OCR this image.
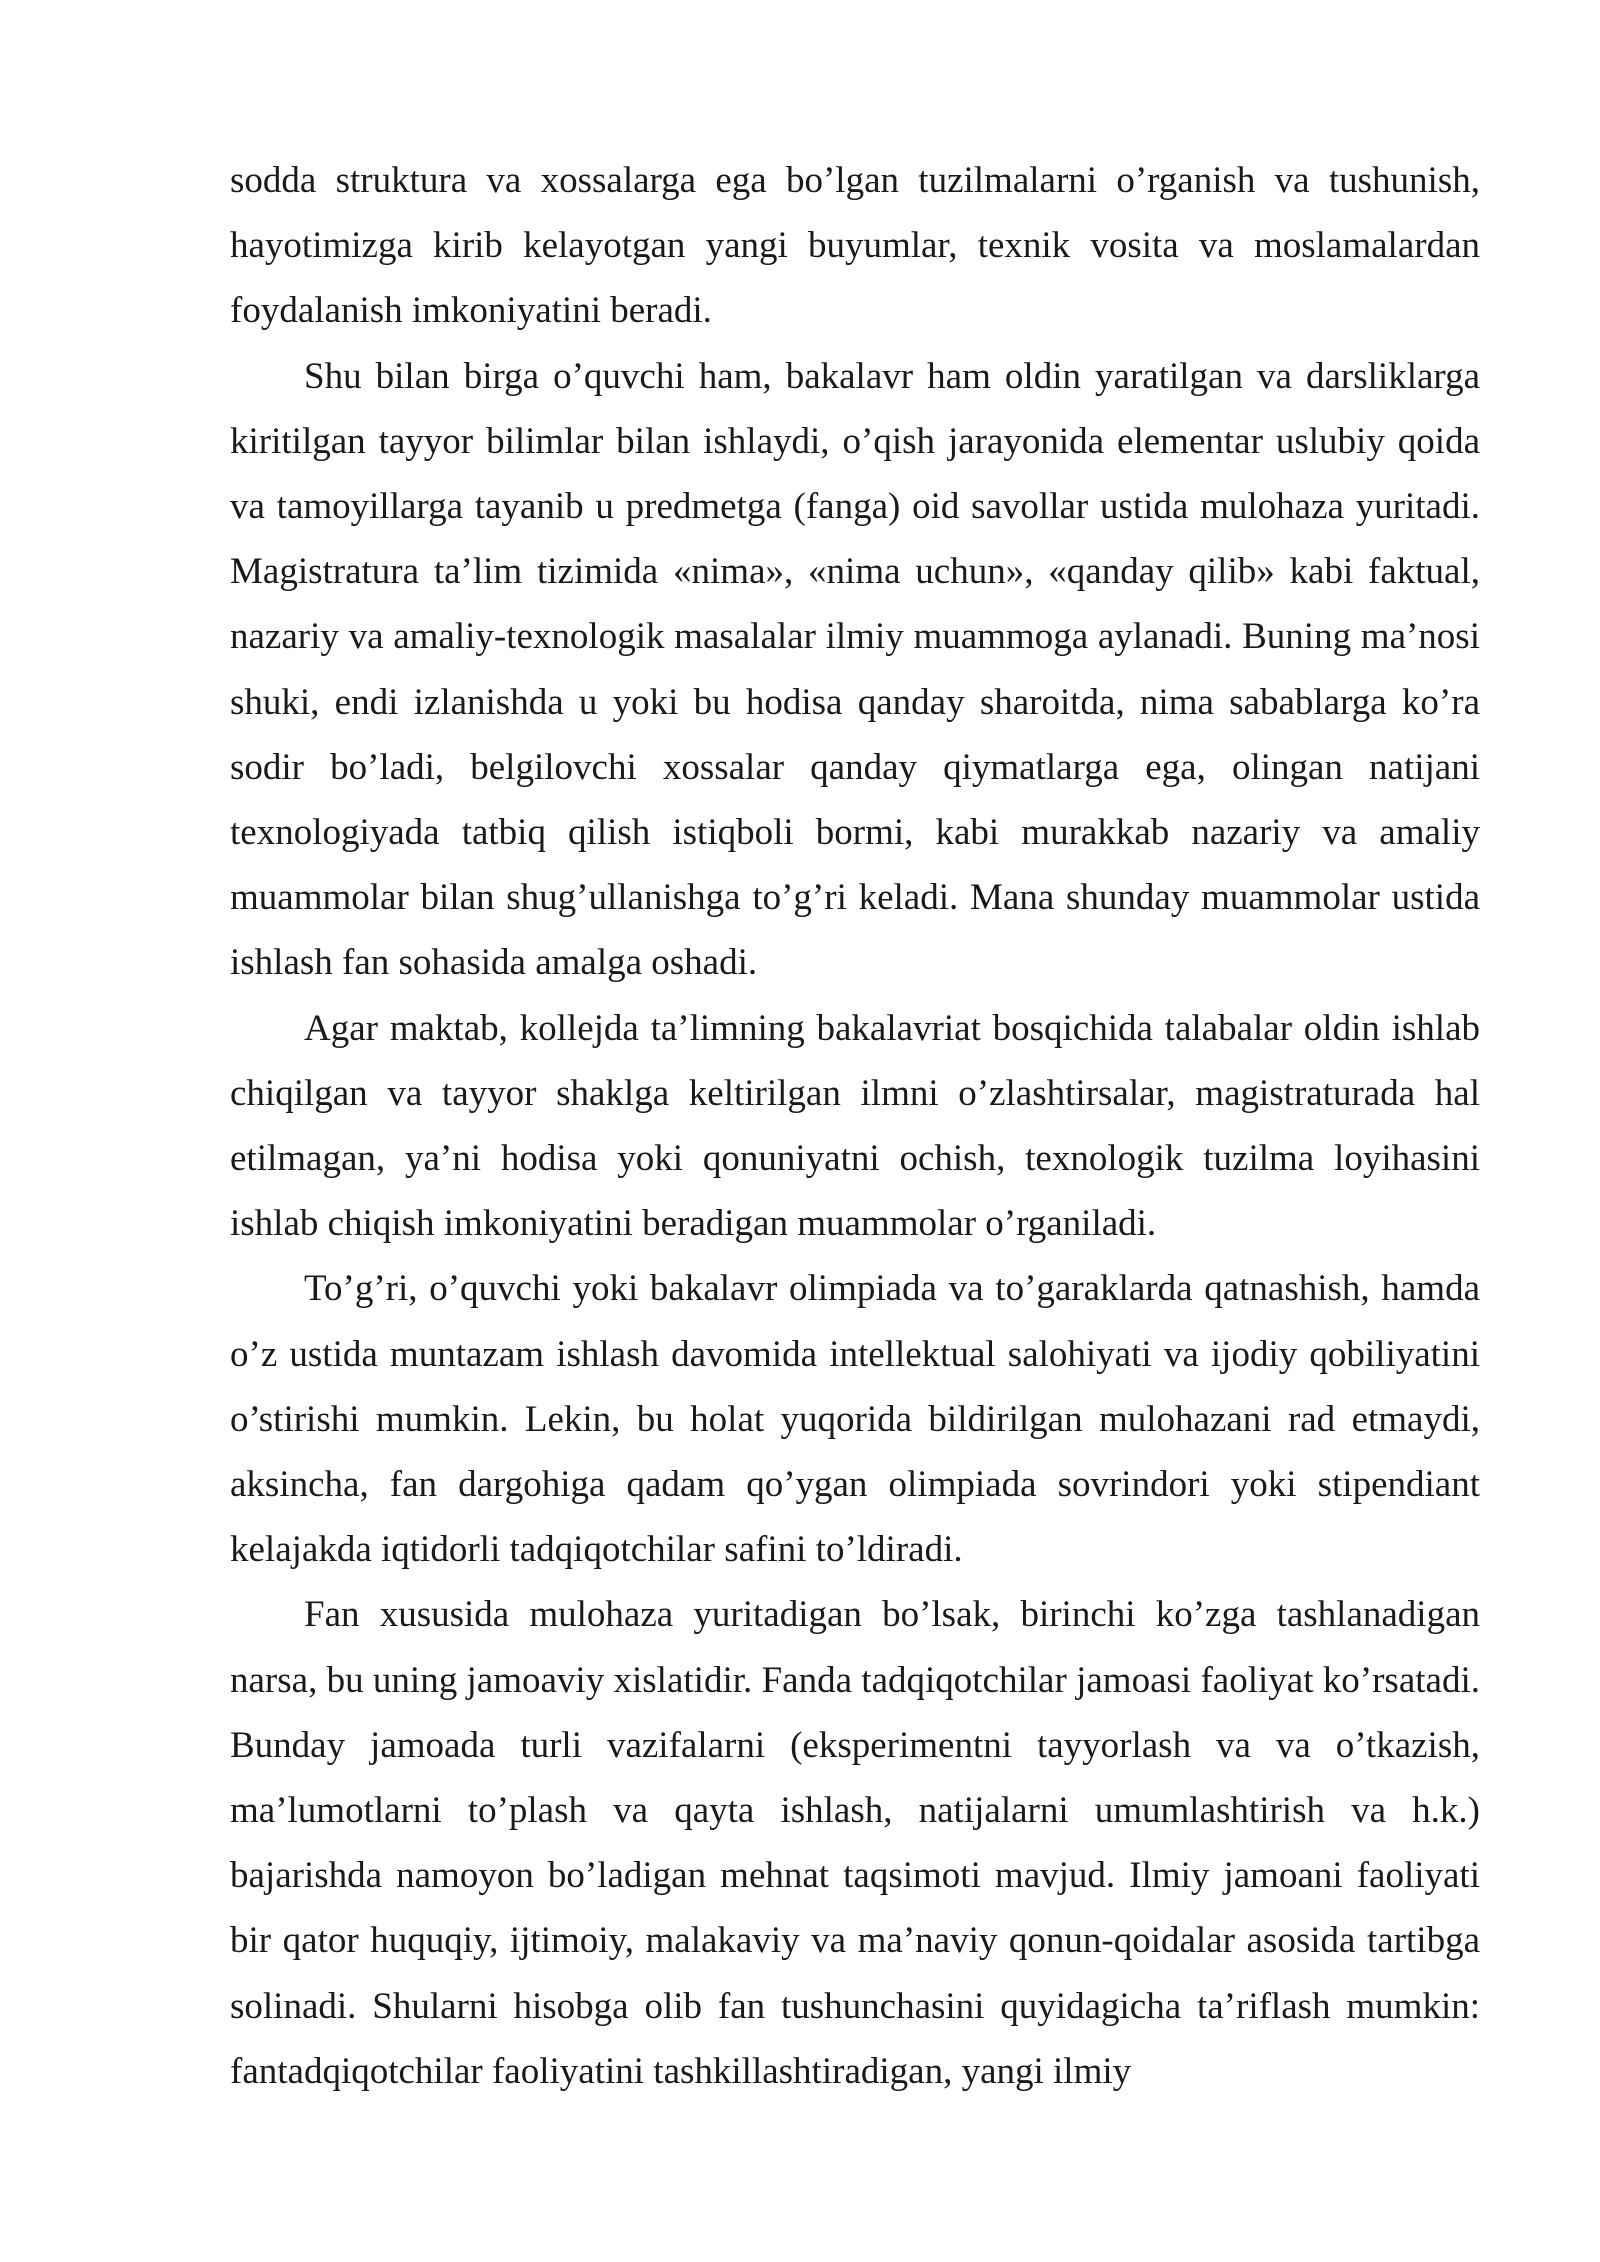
sodda struktura va xossalarga ega bo’lgan tuzilmalarni o’rganish va tushunish, hayotimizga kirib kelayotgan yangi buyumlar, texnik vosita va moslamalardan foydalanish imkoniyatini beradi.

Shu bilan birga o’quvchi ham, bakalavr ham oldin yaratilgan va darsliklarga kiritilgan tayyor bilimlar bilan ishlaydi, o’qish jarayonida elementar uslubiy qoida va tamoyillarga tayanib u predmetga (fanga) oid savollar ustida mulohaza yuritadi. Magistratura ta’lim tizimida «nima», «nima uchun», «qanday qilib» kabi faktual, nazariy va amaliy-texnologik masalalar ilmiy muammoga aylanadi. Buning ma’nosi shuki, endi izlanishda u yoki bu hodisa qanday sharoitda, nima sabablarga ko’ra sodir bo’ladi, belgilovchi xossalar qanday qiymatlarga ega, olingan natijani texnologiyada tatbiq qilish istiqboli bormi, kabi murakkab nazariy va amaliy muammolar bilan shug’ullanishga to’g’ri keladi. Mana shunday muammolar ustida ishlash fan sohasida amalga oshadi.

Agar maktab, kollejda ta’limning bakalavriat bosqichida talabalar oldin ishlab chiqilgan va tayyor shaklga keltirilgan ilmni o’zlashtirsalar, magistraturada hal etilmagan, ya’ni hodisa yoki qonuniyatni ochish, texnologik tuzilma loyihasini ishlab chiqish imkoniyatini beradigan muammolar o’rganiladi.

To’g’ri, o’quvchi yoki bakalavr olimpiada va to’garaklarda qatnashish, hamda o’z ustida muntazam ishlash davomida intellektual salohiyati va ijodiy qobiliyatini o’stirishi mumkin. Lekin, bu holat yuqorida bildirilgan mulohazani rad etmaydi, aksincha, fan dargohiga qadam qo’ygan olimpiada sovrindori yoki stipendiant kelajakda iqtidorli tadqiqotchilar safini to’ldiradi.

Fan xususida mulohaza yuritadigan bo’lsak, birinchi ko’zga tashlanadigan narsa, bu uning jamoaviy xislatidir. Fanda tadqiqotchilar jamoasi faoliyat ko’rsatadi. Bunday jamoada turli vazifalarni (eksperimentni tayyorlash va va o’tkazish, ma’lumotlarni to’plash va qayta ishlash, natijalarni umumlashtirish va h.k.) bajarishda namoyon bo’ladigan mehnat taqsimoti mavjud. Ilmiy jamoani faoliyati bir qator huquqiy, ijtimoiy, malakaviy va ma’naviy qonun-qoidalar asosida tartibga solinadi. Shularni hisobga olib fan tushunchasini quyidagicha ta’riflash mumkin: fantadqiqotchilar faoliyatini tashkillashtiradigan, yangi ilmiy
